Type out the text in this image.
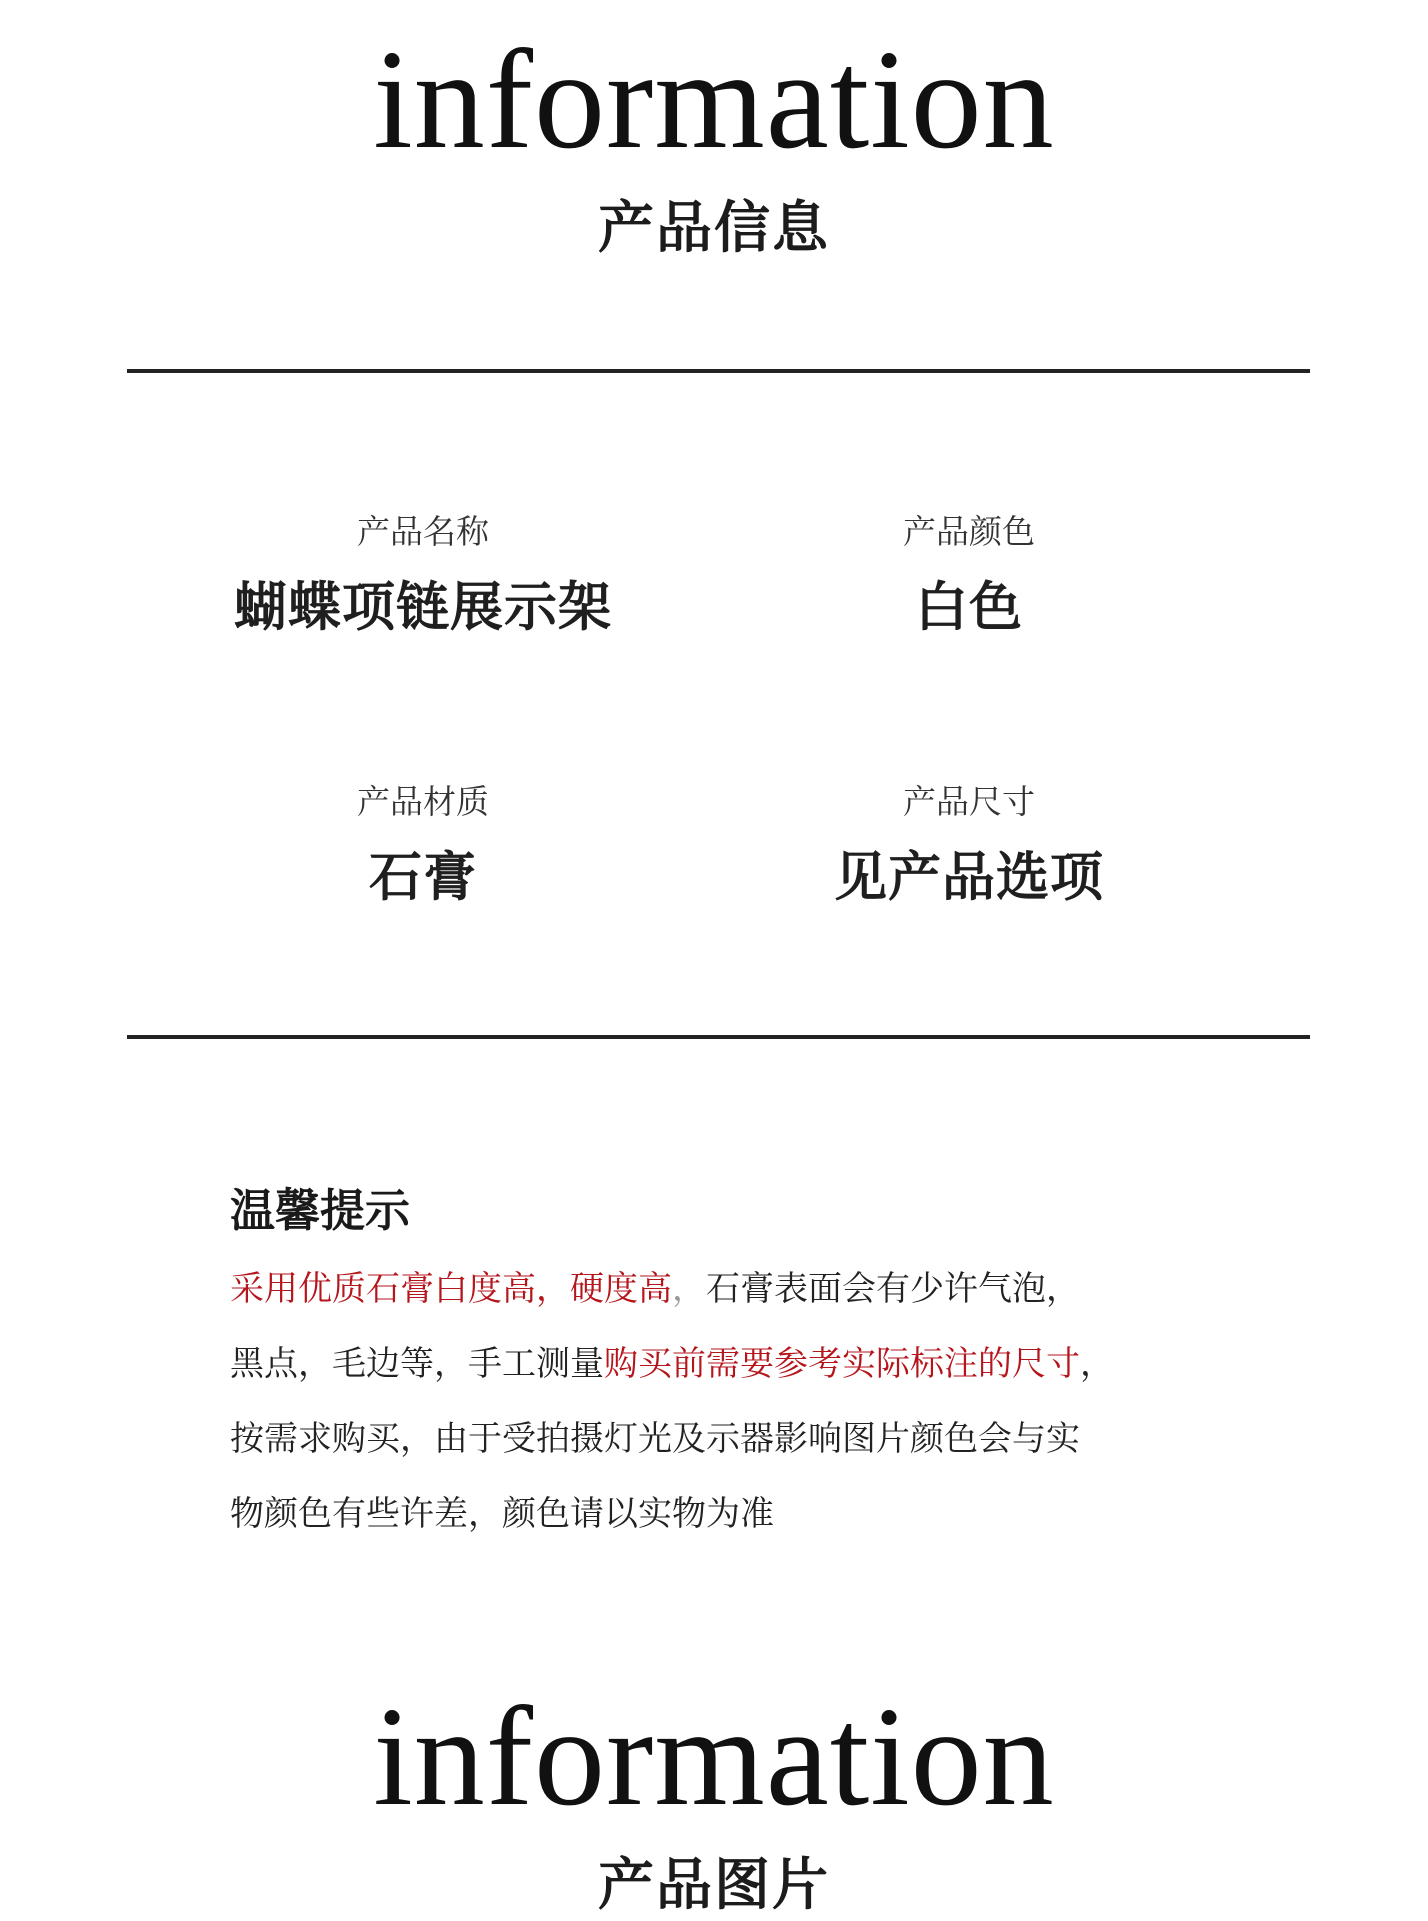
information
产品信息
产品名称
蝴蝶项链展示架
产品颜色
白色
产品材质
石膏
产品尺寸
见产品选项
温馨提示
采用优质石膏白度高，硬度高，石膏表面会有少许气泡，
黑点，毛边等，手工测量购买前需要参考实际标注的尺寸，
按需求购买，由于受拍摄灯光及示器影响图片颜色会与实
物颜色有些许差，颜色请以实物为准
information
产品图片
